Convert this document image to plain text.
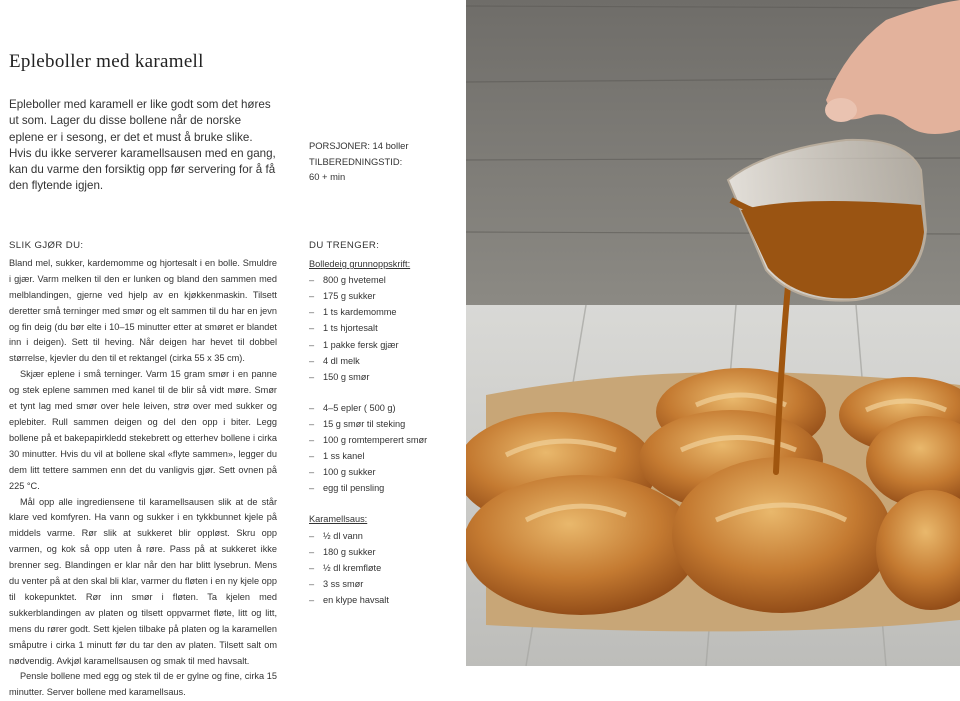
Epleboller med karamell
Epleboller med karamell er like godt som det høres ut som. Lager du disse bollene når de norske eplene er i sesong, er det et must å bruke slike. Hvis du ikke serverer karamellsausen med en gang, kan du varme den forsiktig opp før servering for å få den flytende igjen.
PORSJONER: 14 boller
TILBEREDNINGSTID:
60 + min
SLIK GJØR DU:

Bland mel, sukker, kardemomme og hjortesalt i en bolle. Smuldre i gjær. Varm melken til den er lunken og bland den sammen med melblandingen, gjerne ved hjelp av en kjøkkenmaskin. Tilsett deretter små terninger med smør og elt sammen til du har en jevn og fin deig (du bør elte i 10–15 minutter etter at smøret er blandet inn i deigen). Sett til heving. Når deigen har hevet til dobbel størrelse, kjevler du den til et rektangel (cirka 55 x 35 cm).

Skjær eplene i små terninger. Varm 15 gram smør i en panne og stek eplene sammen med kanel til de blir så vidt møre. Smør et tynt lag med smør over hele leiven, strø over med sukker og eplebiter. Rull sammen deigen og del den opp i biter. Legg bollene på et bakepapirkledd stekebrett og etterhev bollene i cirka 30 minutter. Hvis du vil at bollene skal «flyte sammen», legger du dem litt tettere sammen enn det du vanligvis gjør. Sett ovnen på 225 °C.

Mål opp alle ingrediensene til karamellsausen slik at de står klare ved komfyren. Ha vann og sukker i en tykkbunnet kjele på middels varme. Rør slik at sukkeret blir oppløst. Skru opp varmen, og kok så opp uten å røre. Pass på at sukkeret ikke brenner seg. Blandingen er klar når den har blitt lysebrun. Mens du venter på at den skal bli klar, varmer du fløten i en ny kjele opp til kokepunktet. Rør inn smør i fløten. Ta kjelen med sukkerblandingen av platen og tilsett oppvarmet fløte, litt og litt, mens du rører godt. Sett kjelen tilbake på platen og la karamellen småputre i cirka 1 minutt før du tar den av platen. Tilsett salt om nødvendig. Avkjøl karamellsausen og smak til med havsalt.

Pensle bollene med egg og stek til de er gylne og fine, cirka 15 minutter. Server bollene med karamellsaus.

DU TRENGER:
Bolledeig grunnoppskrift:
– 800 g hvetemel
– 175 g sukker
– 1 ts kardemomme
– 1 ts hjortesalt
– 1 pakke fersk gjær
– 4 dl melk
– 150 g smør
– 4–5 epler ( 500 g)
– 15 g smør til steking
– 100 g romtemperert smør
– 1 ss kanel
– 100 g sukker
– egg til pensling
Karamellsaus:
– ½ dl vann
– 180 g sukker
– ½ dl kremfløte
– 3 ss smør
– en klype havsalt
